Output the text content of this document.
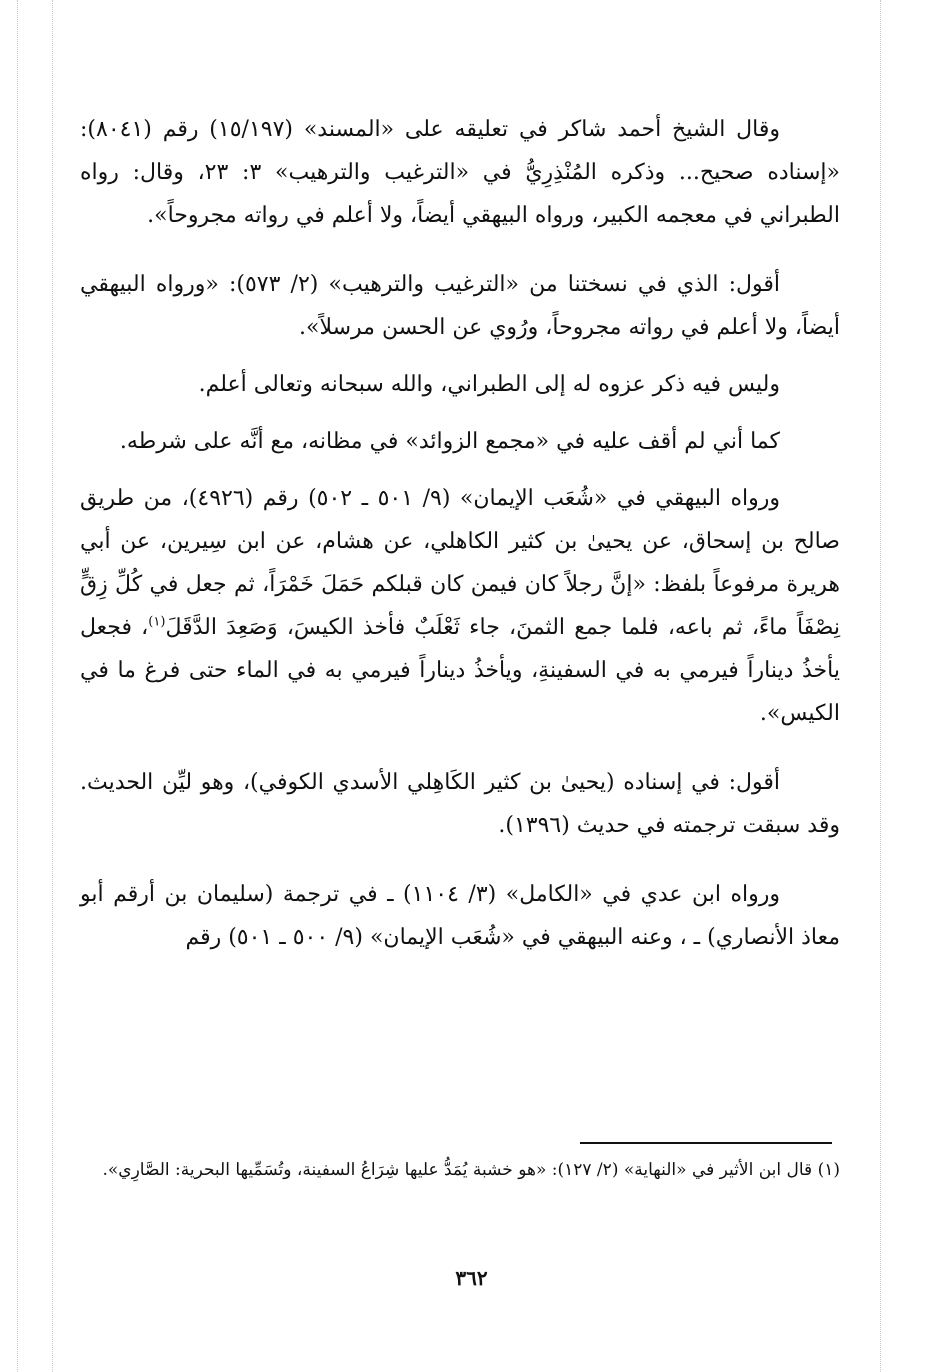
وقال الشيخ أحمد شاكر في تعليقه على «المسند» (١٥/١٩٧) رقم (٨٠٤١): «إسناده صحيح... وذكره المُنْذِرِيُّ في «الترغيب والترهيب» ٣: ٢٣، وقال: رواه الطبراني في معجمه الكبير، ورواه البيهقي أيضاً، ولا أعلم في رواته مجروحاً».

أقول: الذي في نسختنا من «الترغيب والترهيب» (٢/ ٥٧٣): «ورواه البيهقي أيضاً، ولا أعلم في رواته مجروحاً، ورُوي عن الحسن مرسلاً».

وليس فيه ذكر عزوه له إلى الطبراني، والله سبحانه وتعالى أعلم.

كما أني لم أقف عليه في «مجمع الزوائد» في مظانه، مع أنَّه على شرطه.

ورواه البيهقي في «شُعَب الإيمان» (٩/ ٥٠١ ـ ٥٠٢) رقم (٤٩٢٦)، من طريق صالح بن إسحاق، عن يحيىٰ بن كثير الكاهلي، عن هشام، عن ابن سِيرين، عن أبي هريرة مرفوعاً بلفظ: «إنَّ رجلاً كان فيمن كان قبلكم حَمَلَ خَمْرَاً، ثم جعل في كُلِّ زِقٍّ نِصْفَاً ماءً، ثم باعه، فلما جمع الثمنَ، جاء ثَعْلَبٌ فأخذ الكيسَ، وَصَعِدَ الدَّقَلَ$^{(١)}$، فجعل يأخذُ ديناراً فيرمي به في السفينةِ، ويأخذُ ديناراً فيرمي به في الماء حتى فرغ ما في الكيس».

أقول: في إسناده (يحيىٰ بن كثير الكَاهِلي الأسدي الكوفي)، وهو ليِّن الحديث. وقد سبقت ترجمته في حديث (١٣٩٦).

ورواه ابن عدي في «الكامل» (٣/ ١١٠٤) ـ في ترجمة (سليمان بن أرقم أبو معاذ الأنصاري) ـ ، وعنه البيهقي في «شُعَب الإيمان» (٩/ ٥٠٠ ـ ٥٠١) رقم

(١) قال ابن الأثير في «النهاية» (٢/ ١٢٧): «هو خشبة يُمَدُّ عليها شِرَاعُ السفينة، وتُسَمِّيها البحرية: الصَّارِي».

٣٦٢
